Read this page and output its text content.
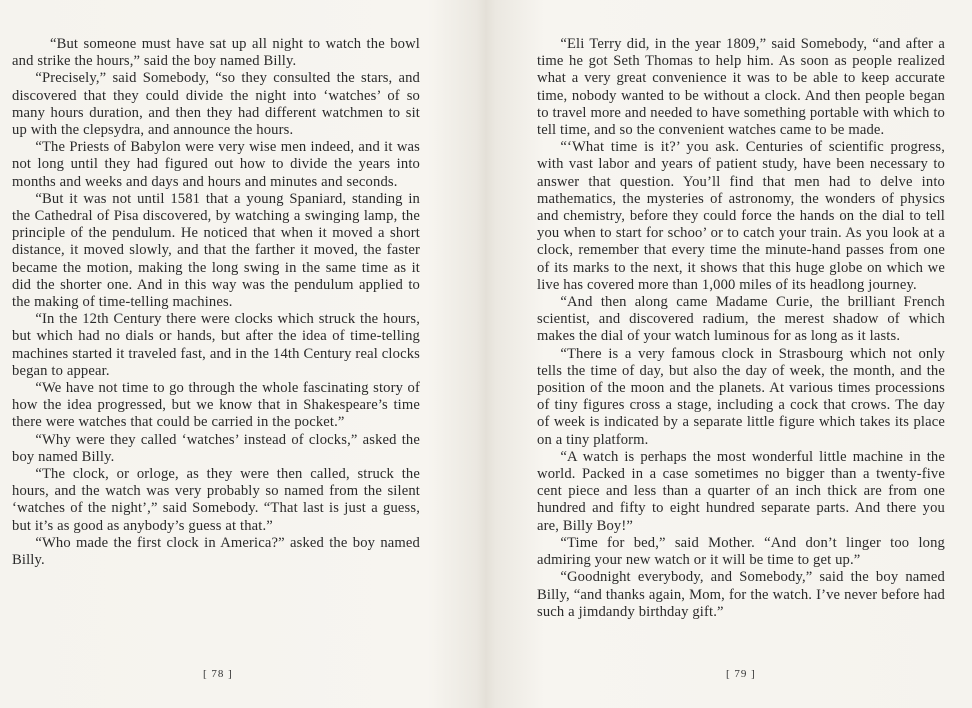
“But someone must have sat up all night to watch the bowl and strike the hours,” said the boy named Billy.

“Precisely,” said Somebody, “so they consulted the stars, and discovered that they could divide the night into ‘watches’ of so many hours duration, and then they had different watchmen to sit up with the clepsydra, and announce the hours.

“The Priests of Babylon were very wise men indeed, and it was not long until they had figured out how to divide the years into months and weeks and days and hours and minutes and seconds.

“But it was not until 1581 that a young Spaniard, standing in the Cathedral of Pisa discovered, by watching a swinging lamp, the principle of the pendulum. He noticed that when it moved a short distance, it moved slowly, and that the farther it moved, the faster became the motion, making the long swing in the same time as it did the shorter one. And in this way was the pendulum applied to the making of time-telling machines.

“In the 12th Century there were clocks which struck the hours, but which had no dials or hands, but after the idea of time-telling machines started it traveled fast, and in the 14th Century real clocks began to appear.

“We have not time to go through the whole fascinating story of how the idea progressed, but we know that in Shakespeare’s time there were watches that could be carried in the pocket.”

“Why were they called ‘watches’ instead of clocks,” asked the boy named Billy.

“The clock, or orloge, as they were then called, struck the hours, and the watch was very probably so named from the silent ‘watches of the night’,” said Somebody. “That last is just a guess, but it’s as good as anybody’s guess at that.”

“Who made the first clock in America?” asked the boy named Billy.

[ 78 ]

“Eli Terry did, in the year 1809,” said Somebody, “and after a time he got Seth Thomas to help him. As soon as people realized what a very great convenience it was to be able to keep accurate time, nobody wanted to be without a clock. And then people began to travel more and needed to have something portable with which to tell time, and so the convenient watches came to be made.

“‘What time is it?’ you ask. Centuries of scientific progress, with vast labor and years of patient study, have been necessary to answer that question. You’ll find that men had to delve into mathematics, the mysteries of astronomy, the wonders of physics and chemistry, before they could force the hands on the dial to tell you when to start for schoo’ or to catch your train. As you look at a clock, remember that every time the minute-hand passes from one of its marks to the next, it shows that this huge globe on which we live has covered more than 1,000 miles of its headlong journey.

“And then along came Madame Curie, the brilliant French scientist, and discovered radium, the merest shadow of which makes the dial of your watch luminous for as long as it lasts.

“There is a very famous clock in Strasbourg which not only tells the time of day, but also the day of week, the month, and the position of the moon and the planets. At various times processions of tiny figures cross a stage, including a cock that crows. The day of week is indicated by a separate little figure which takes its place on a tiny platform.

“A watch is perhaps the most wonderful little machine in the world. Packed in a case sometimes no bigger than a twenty-five cent piece and less than a quarter of an inch thick are from one hundred and fifty to eight hundred separate parts. And there you are, Billy Boy!”

“Time for bed,” said Mother. “And don’t linger too long admiring your new watch or it will be time to get up.”

“Goodnight everybody, and Somebody,” said the boy named Billy, “and thanks again, Mom, for the watch. I’ve never before had such a jimdandy birthday gift.”

[ 79 ]
